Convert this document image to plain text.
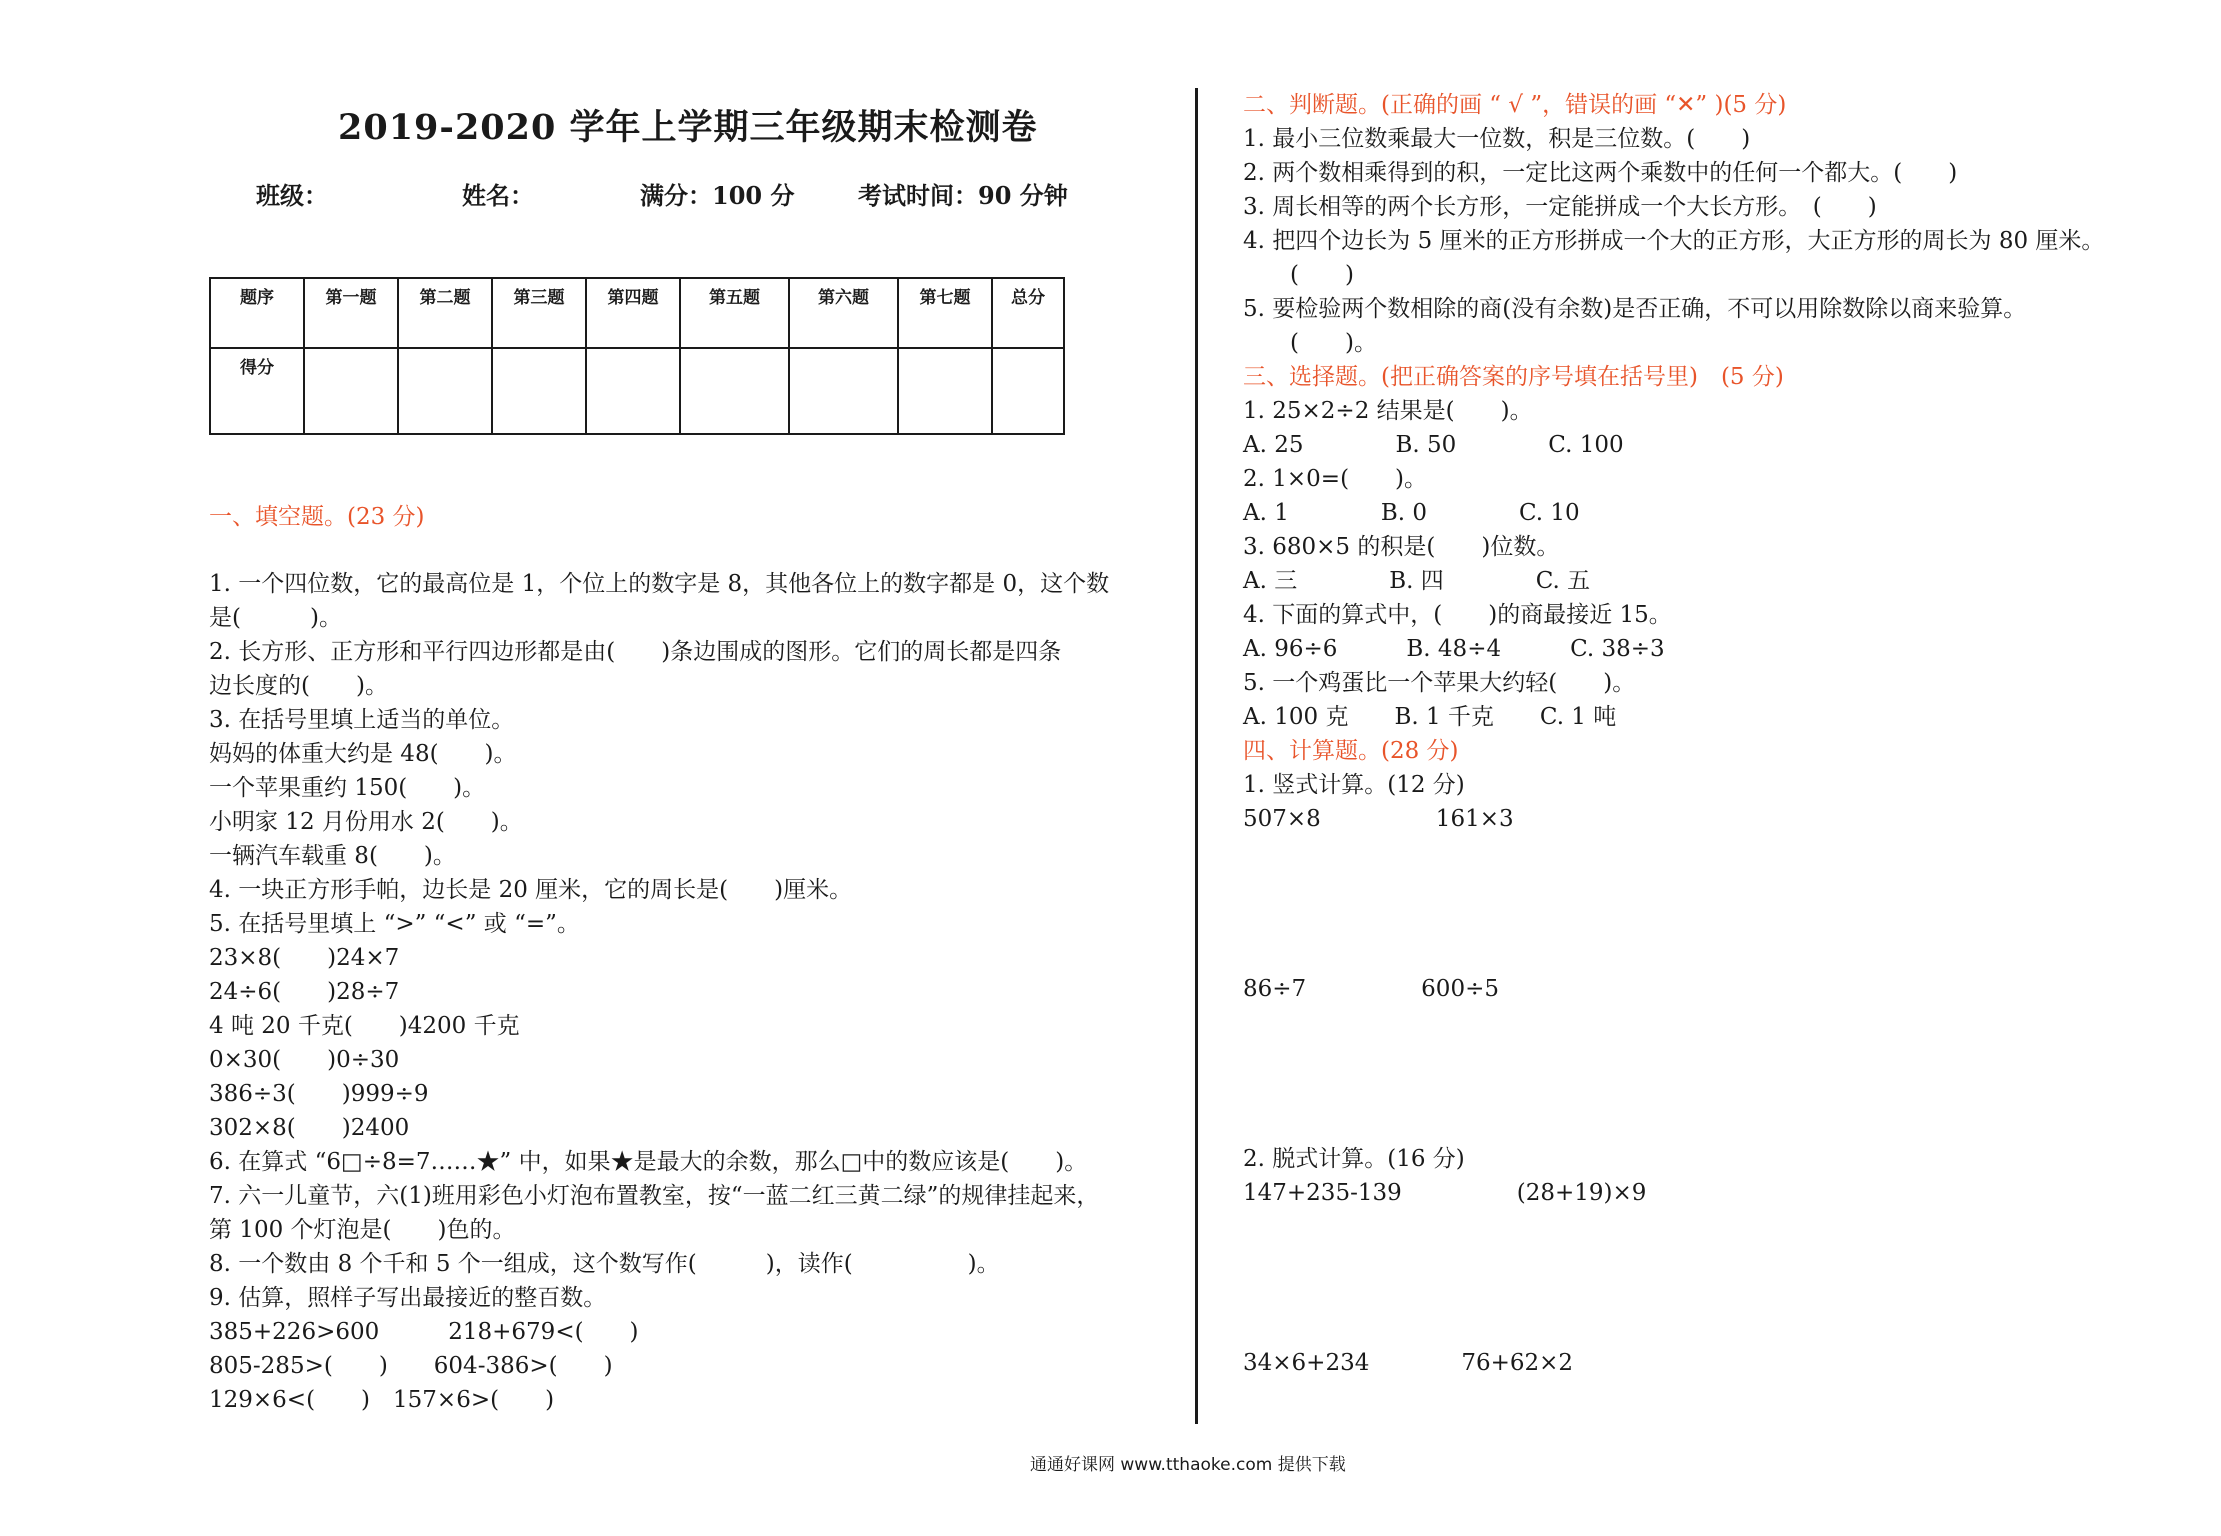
2019-2020 学年上学期三年级期末检测卷
班级：	姓名：	满分：100 分	考试时间：90 分钟
题序	第一题	第二题	第三题	第四题	第五题	第六题	第七题	总分
得分								
一、填空题。(23 分)
1. 一个四位数，它的最高位是 1，个位上的数字是 8，其他各位上的数字都是 0，这个数
是(　　　)。
2. 长方形、正方形和平行四边形都是由(　　)条边围成的图形。它们的周长都是四条
边长度的(　　)。
3. 在括号里填上适当的单位。
妈妈的体重大约是 48(　　)。
一个苹果重约 150(　　)。
小明家 12 月份用水 2(　　)。
一辆汽车载重 8(　　)。
4. 一块正方形手帕，边长是 20 厘米，它的周长是(　　)厘米。
5. 在括号里填上 “>” “<” 或 “=”。
23×8(　　)24×7
24÷6(　　)28÷7
4 吨 20 千克(　　)4200 千克
0×30(　　)0÷30
386÷3(　　)999÷9
302×8(　　)2400
6. 在算式 “6□÷8=7……★” 中，如果★是最大的余数，那么□中的数应该是(　　)。
7. 六一儿童节，六(1)班用彩色小灯泡布置教室，按“一蓝二红三黄二绿”的规律挂起来，
第 100 个灯泡是(　　)色的。
8. 一个数由 8 个千和 5 个一组成，这个数写作(　　　)，读作(　　　　　)。
9. 估算，照样子写出最接近的整百数。
385+226>600　　　218+679<(　　)
805-285>(　　)　　604-386>(　　)
129×6<(　　)　157×6>(　　)
二、判断题。(正确的画 “ √ ”，错误的画 “✕” )(5 分)
1. 最小三位数乘最大一位数，积是三位数。(　　)
2. 两个数相乘得到的积，一定比这两个乘数中的任何一个都大。(　　)
3. 周长相等的两个长方形，一定能拼成一个大长方形。　(　　)
4. 把四个边长为 5 厘米的正方形拼成一个大的正方形，大正方形的周长为 80 厘米。
(　　)
5. 要检验两个数相除的商(没有余数)是否正确，不可以用除数除以商来验算。
(　　)。
三、选择题。(把正确答案的序号填在括号里)　(5 分)
1. 25×2÷2 结果是(　　)。
A. 25　　　　B. 50　　　　C. 100
2. 1×0=(　　)。
A. 1　　　　B. 0　　　　C. 10
3. 680×5 的积是(　　)位数。
A. 三　　　　B. 四　　　　C. 五
4. 下面的算式中，(　　)的商最接近 15。
A. 96÷6　　　B. 48÷4　　　C. 38÷3
5. 一个鸡蛋比一个苹果大约轻(　　)。
A. 100 克　　B. 1 千克　　C. 1 吨
四、计算题。(28 分)
1. 竖式计算。(12 分)
507×8　　　　　161×3
86÷7　　　　　600÷5
2. 脱式计算。(16 分)
147+235-139　　　　　(28+19)×9
34×6+234　　　　76+62×2
通通好课网 www.tthaoke.com 提供下载
